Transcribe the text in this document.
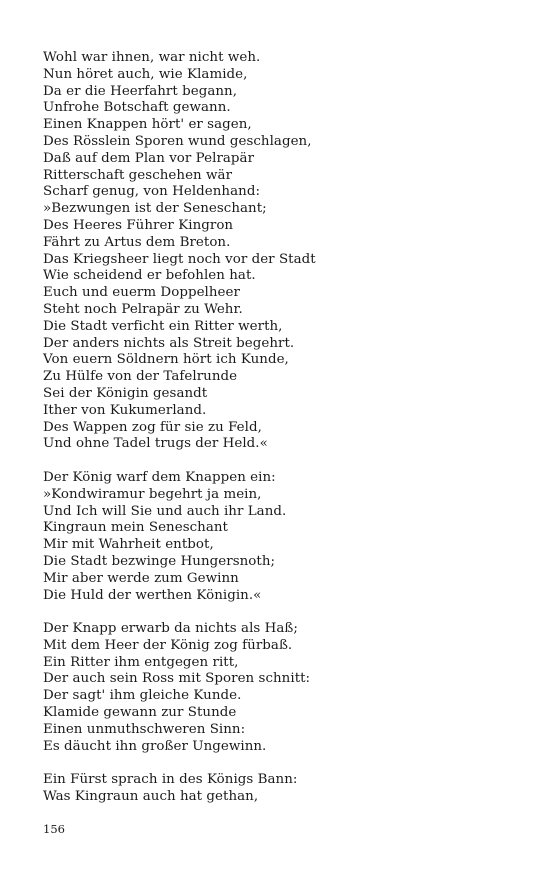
Wohl war ihnen, war nicht weh.
Nun höret auch, wie Klamide,
Da er die Heerfahrt begann,
Unfrohe Botschaft gewann.
Einen Knappen hört' er sagen,
Des Rösslein Sporen wund geschlagen,
Daß auf dem Plan vor Pelrapär
Ritterschaft geschehen wär
Scharf genug, von Heldenhand:
»Bezwungen ist der Seneschant;
Des Heeres Führer Kingron
Fährt zu Artus dem Breton.
Das Kriegsheer liegt noch vor der Stadt
Wie scheidend er befohlen hat.
Euch und euerm Doppelheer
Steht noch Pelrapär zu Wehr.
Die Stadt verficht ein Ritter werth,
Der anders nichts als Streit begehrt.
Von euern Söldnern hört ich Kunde,
Zu Hülfe von der Tafelrunde
Sei der Königin gesandt
Ither von Kukumerland.
Des Wappen zog für sie zu Feld,
Und ohne Tadel trugs der Held.«
Der König warf dem Knappen ein:
»Kondwiramur begehrt ja mein,
Und Ich will Sie und auch ihr Land.
Kingraun mein Seneschant
Mir mit Wahrheit entbot,
Die Stadt bezwinge Hungersnoth;
Mir aber werde zum Gewinn
Die Huld der werthen Königin.«
Der Knapp erwarb da nichts als Haß;
Mit dem Heer der König zog fürbaß.
Ein Ritter ihm entgegen ritt,
Der auch sein Ross mit Sporen schnitt:
Der sagt' ihm gleiche Kunde.
Klamide gewann zur Stunde
Einen unmuthschweren Sinn:
Es däucht ihn großer Ungewinn.
Ein Fürst sprach in des Königs Bann:
Was Kingraun auch hat gethan,
156
